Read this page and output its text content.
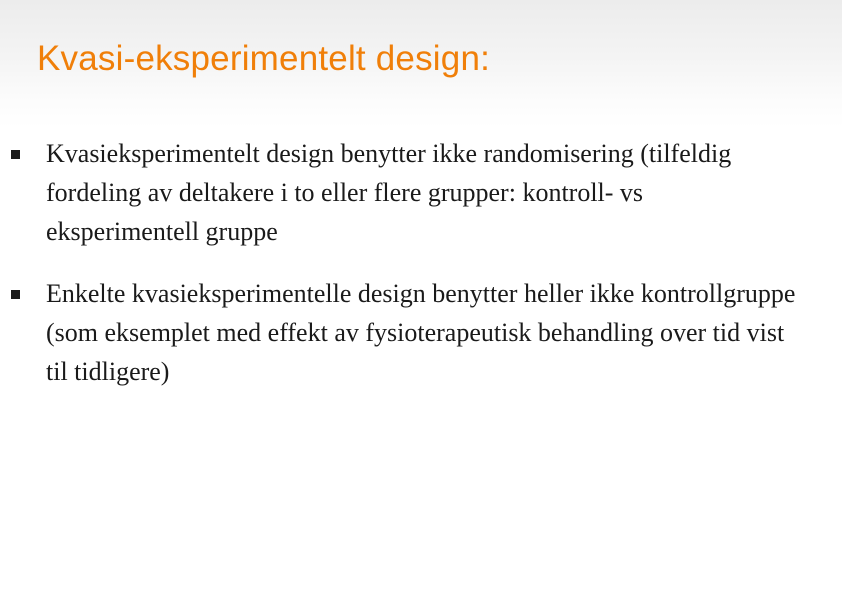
Kvasi-eksperimentelt design:
Kvasieksperimentelt design benytter ikke randomisering (tilfeldig fordeling av deltakere i to eller flere grupper: kontroll- vs eksperimentell gruppe
Enkelte kvasieksperimentelle design benytter heller ikke kontrollgruppe (som eksemplet med effekt av fysioterapeutisk behandling over tid vist til tidligere)
